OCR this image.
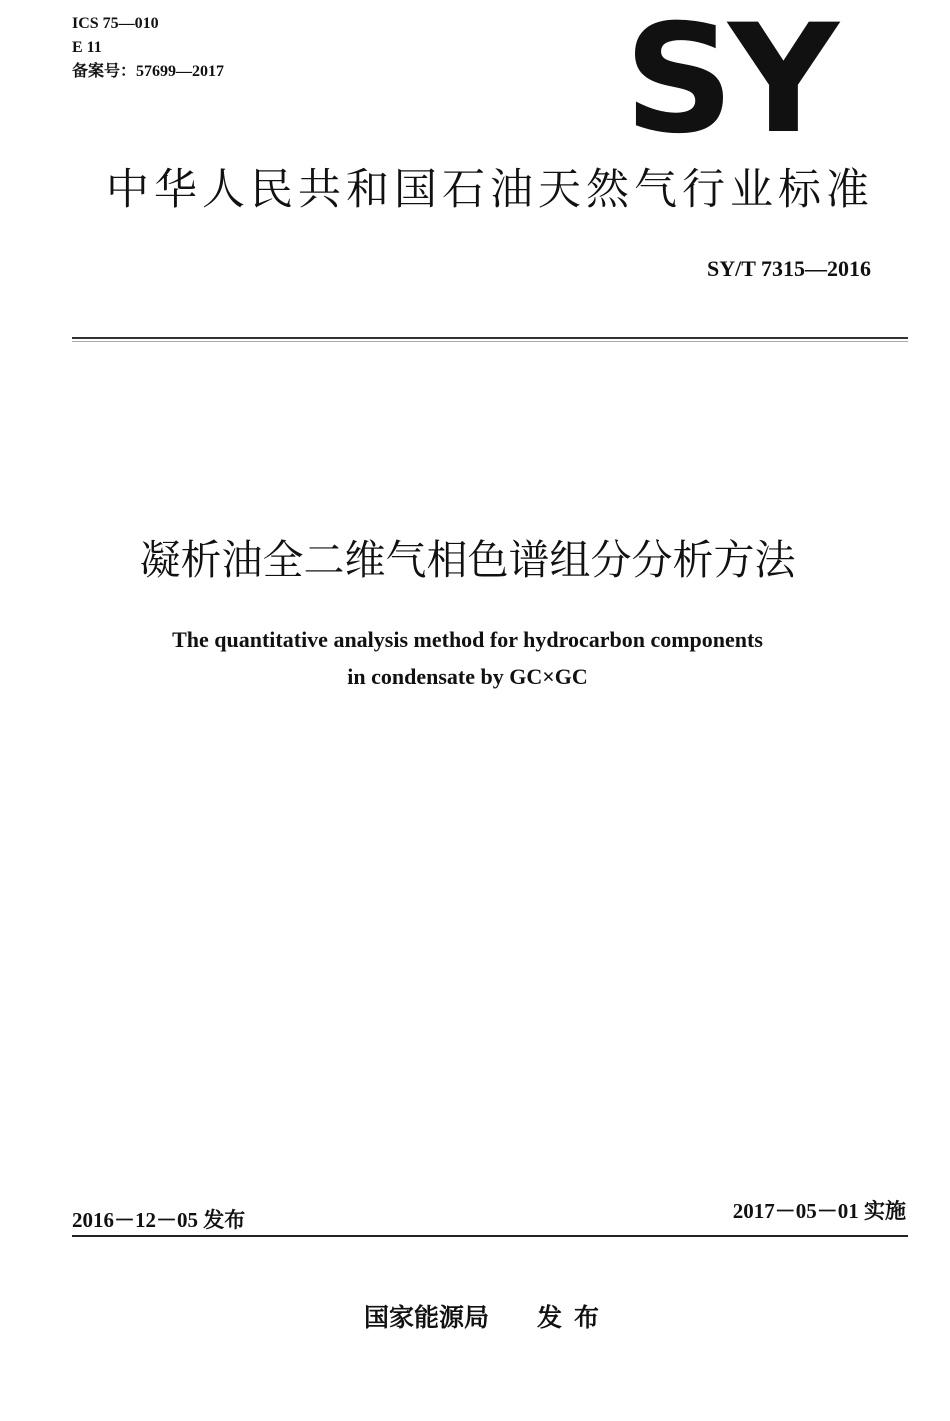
ICS 75—010
E 11
备案号：57699—2017	SY
中华人民共和国石油天然气行业标准
SY/T 7315—2016
凝析油全二维气相色谱组分分析方法
The quantitative analysis method for hydrocarbon components
in condensate by GC×GC
2016－12－05 发布	2017－05－01 实施
国家能源局 发布
